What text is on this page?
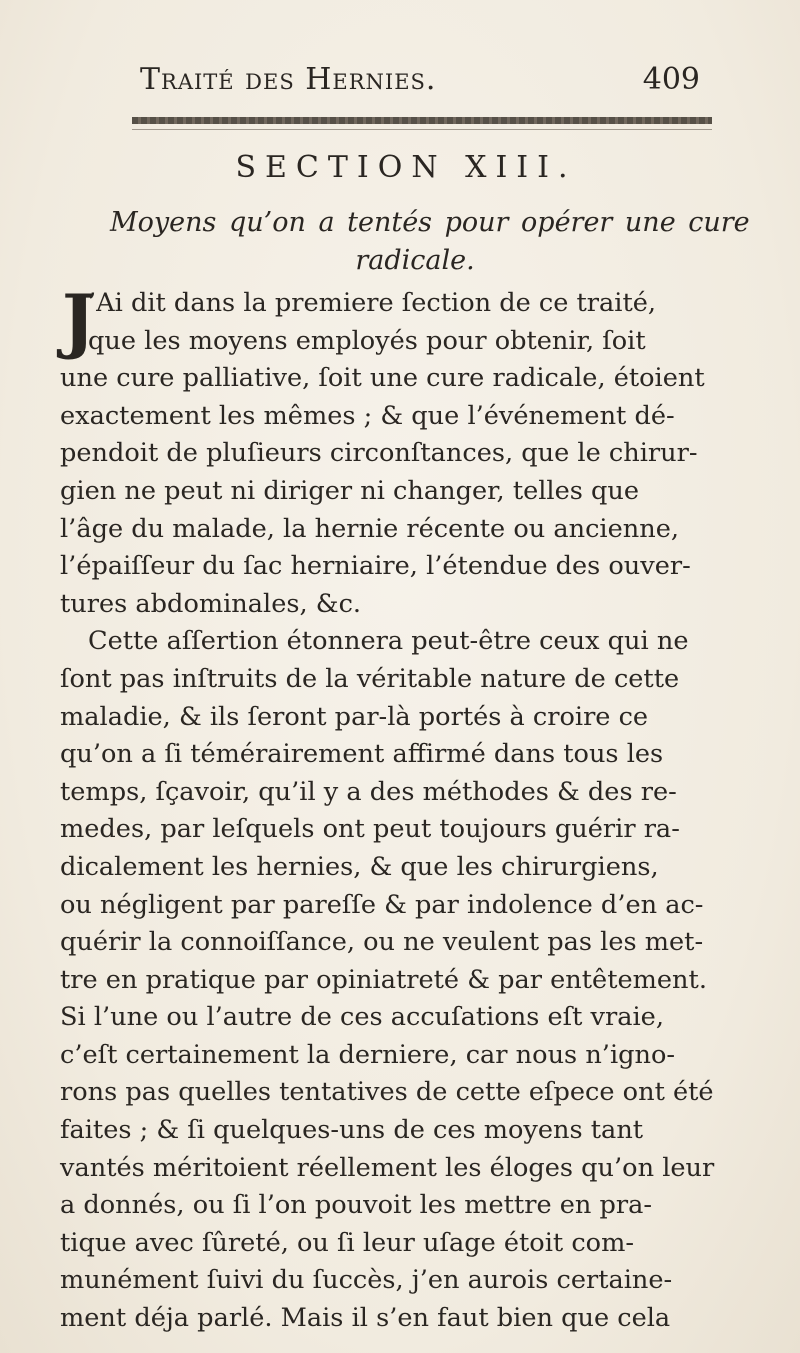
Traité des Hernies.	409
SECTION XIII.
Moyens qu’on a tentés pour opérer une cure
radicale.
J
’Ai dit dans la premiere ſection de ce traité,
que les moyens employés pour obtenir, ſoit
une cure palliative, ſoit une cure radicale, étoient
exactement les mêmes ; & que l’événement dé-
pendoit de pluſieurs circonſtances, que le chirur-
gien ne peut ni diriger ni changer, telles que
l’âge du malade, la hernie récente ou ancienne,
l’épaiſſeur du ſac herniaire, l’étendue des ouver-
tures abdominales, &c.
Cette aſſertion étonnera peut-être ceux qui ne
ſont pas inſtruits de la véritable nature de cette
maladie, & ils ſeront par-là portés à croire ce
qu’on a ſi témérairement affirmé dans tous les
temps, ſçavoir, qu’il y a des méthodes & des re-
medes, par leſquels ont peut toujours guérir ra-
dicalement les hernies, & que les chirurgiens,
ou négligent par pareſſe & par indolence d’en ac-
quérir la connoiſſance, ou ne veulent pas les met-
tre en pratique par opiniatreté & par entêtement.
Si l’une ou l’autre de ces accuſations eſt vraie,
c’eſt certainement la derniere, car nous n’igno-
rons pas quelles tentatives de cette eſpece ont été
faites ; & ſi quelques-uns de ces moyens tant
vantés méritoient réellement les éloges qu’on leur
a donnés, ou ſi l’on pouvoit les mettre en pra-
tique avec ſûreté, ou ſi leur uſage étoit com-
munément ſuivi du ſuccès, j’en aurois certaine-
ment déja parlé. Mais il s’en faut bien que cela
